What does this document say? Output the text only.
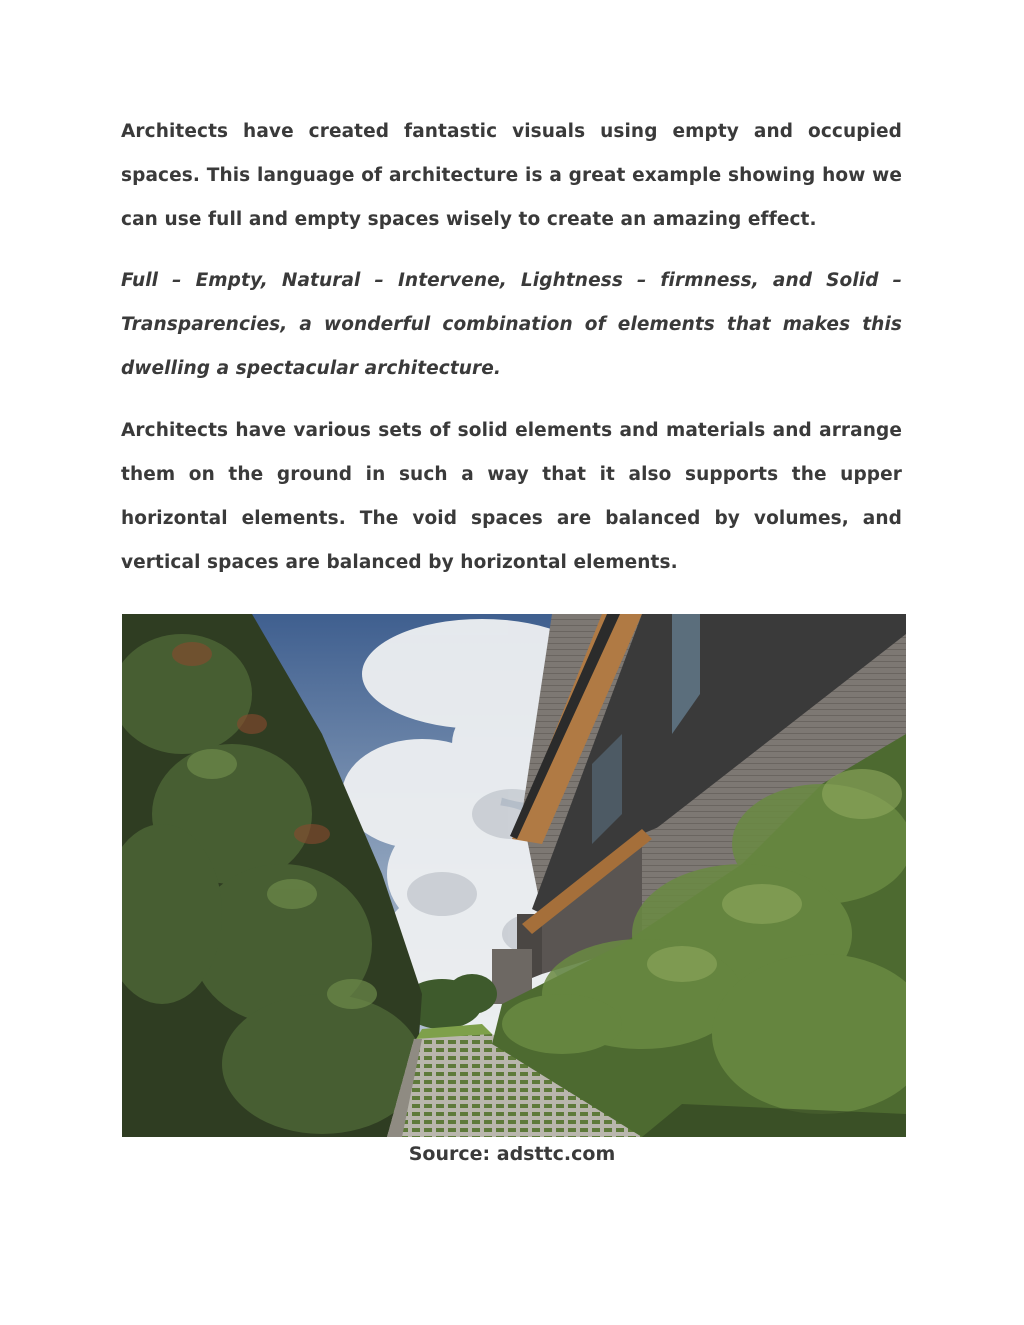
Architects have created fantastic visuals using empty and occupied spaces. This language of architecture is a great example showing how we can use full and empty spaces wisely to create an amazing effect.

Full – Empty, Natural – Intervene, Lightness – firmness, and Solid – Transparencies, a wonderful combination of elements that makes this dwelling a spectacular architecture.

Architects have various sets of solid elements and materials and arrange them on the ground in such a way that it also supports the upper horizontal elements. The void spaces are balanced by volumes, and vertical spaces are balanced by horizontal elements.

Source: adsttc.com
